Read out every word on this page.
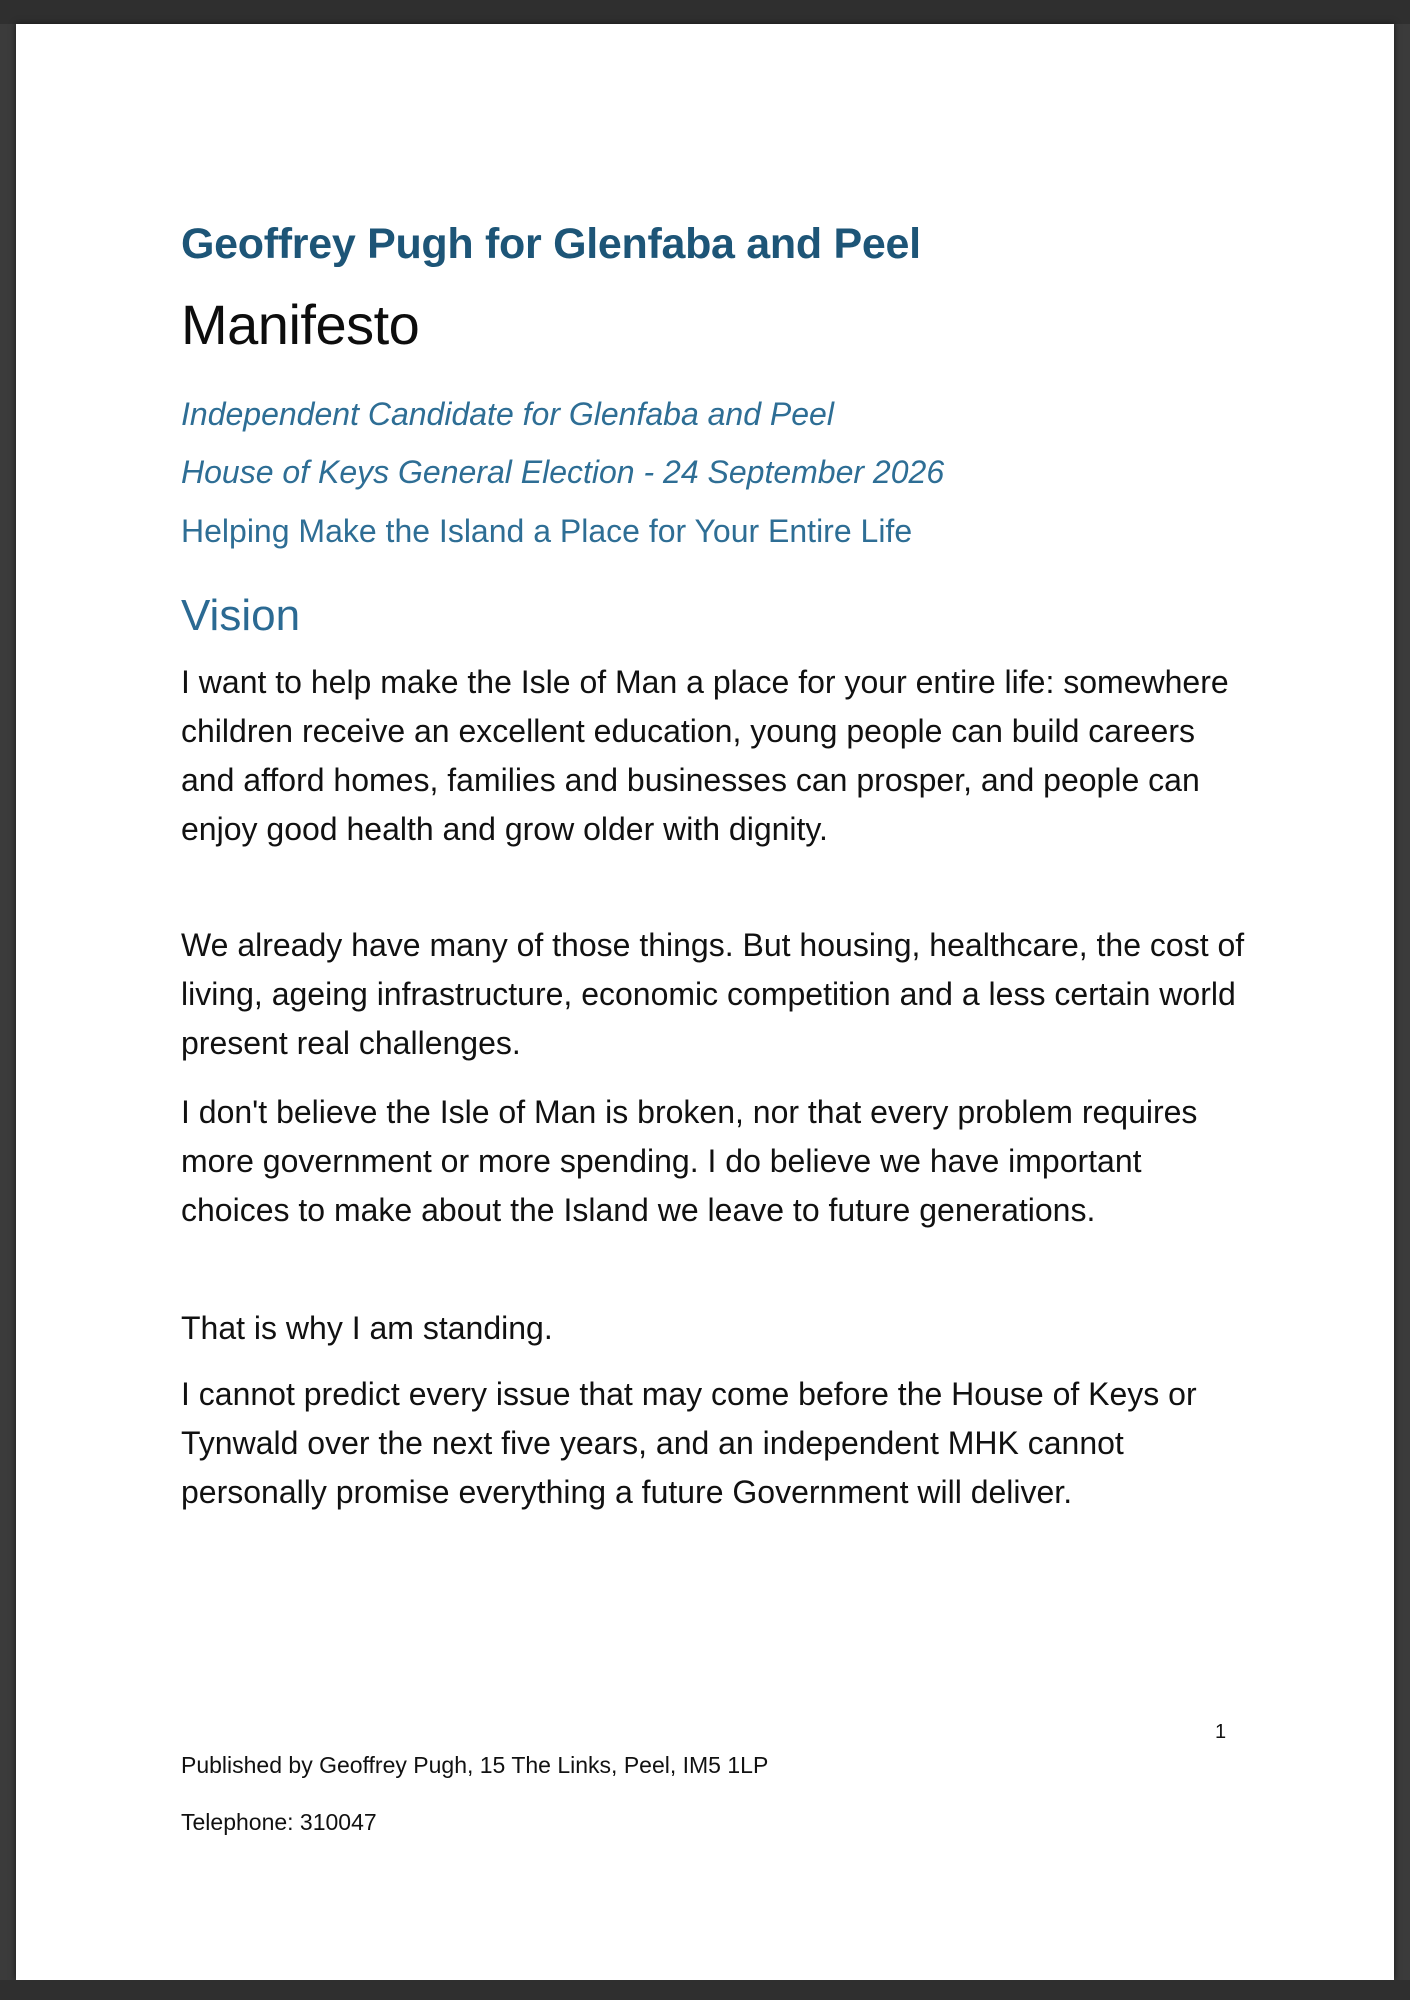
Geoffrey Pugh for Glenfaba and Peel
Manifesto
Independent Candidate for Glenfaba and Peel
House of Keys General Election - 24 September 2026
Helping Make the Island a Place for Your Entire Life
Vision
I want to help make the Isle of Man a place for your entire life: somewhere children receive an excellent education, young people can build careers and afford homes, families and businesses can prosper, and people can enjoy good health and grow older with dignity.
We already have many of those things. But housing, healthcare, the cost of living, ageing infrastructure, economic competition and a less certain world present real challenges.
I don't believe the Isle of Man is broken, nor that every problem requires more government or more spending. I do believe we have important choices to make about the Island we leave to future generations.
That is why I am standing.
I cannot predict every issue that may come before the House of Keys or Tynwald over the next five years, and an independent MHK cannot personally promise everything a future Government will deliver.
Published by Geoffrey Pugh, 15 The Links, Peel, IM5 1LP
Telephone: 310047
1
